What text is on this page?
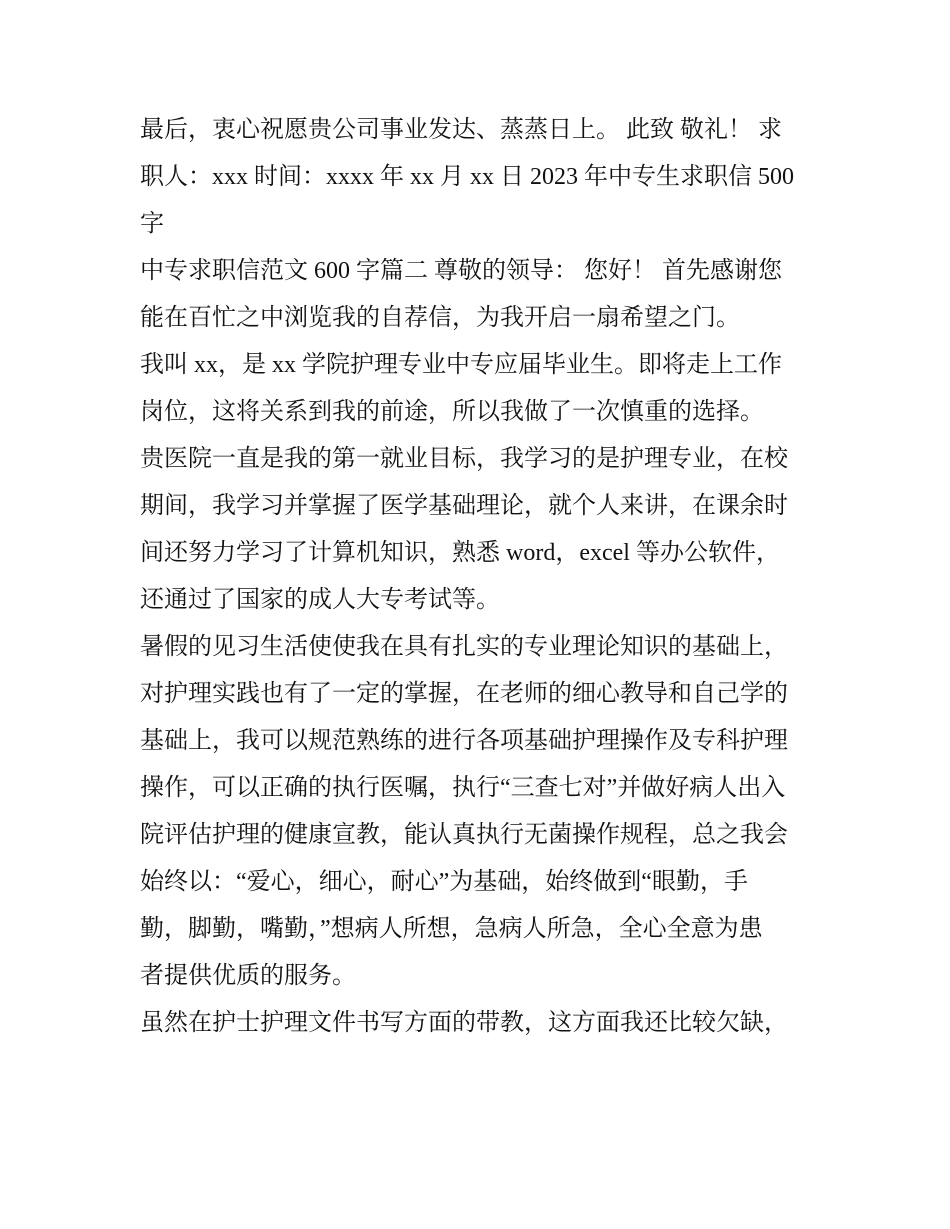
最后，衷心祝愿贵公司事业发达、蒸蒸日上。 此致 敬礼！ 求
职人：xxx 时间：xxxx 年 xx 月 xx 日 2023 年中专生求职信 500
字
中专求职信范文 600 字篇二 尊敬的领导： 您好！ 首先感谢您
能在百忙之中浏览我的自荐信，为我开启一扇希望之门。
我叫 xx，是 xx 学院护理专业中专应届毕业生。即将走上工作
岗位，这将关系到我的前途，所以我做了一次慎重的选择。
贵医院一直是我的第一就业目标，我学习的是护理专业，在校
期间，我学习并掌握了医学基础理论，就个人来讲，在课余时
间还努力学习了计算机知识，熟悉 word，excel 等办公软件，
还通过了国家的成人大专考试等。
暑假的见习生活使使我在具有扎实的专业理论知识的基础上，
对护理实践也有了一定的掌握，在老师的细心教导和自己学的
基础上，我可以规范熟练的进行各项基础护理操作及专科护理
操作，可以正确的执行医嘱，执行“三查七对”并做好病人出入
院评估护理的健康宣教，能认真执行无菌操作规程，总之我会
始终以：“爱心，细心，耐心”为基础，始终做到“眼勤，手
勤，脚勤，嘴勤，”想病人所想，急病人所急，全心全意为患
者提供优质的服务。
虽然在护士护理文件书写方面的带教，这方面我还比较欠缺，
